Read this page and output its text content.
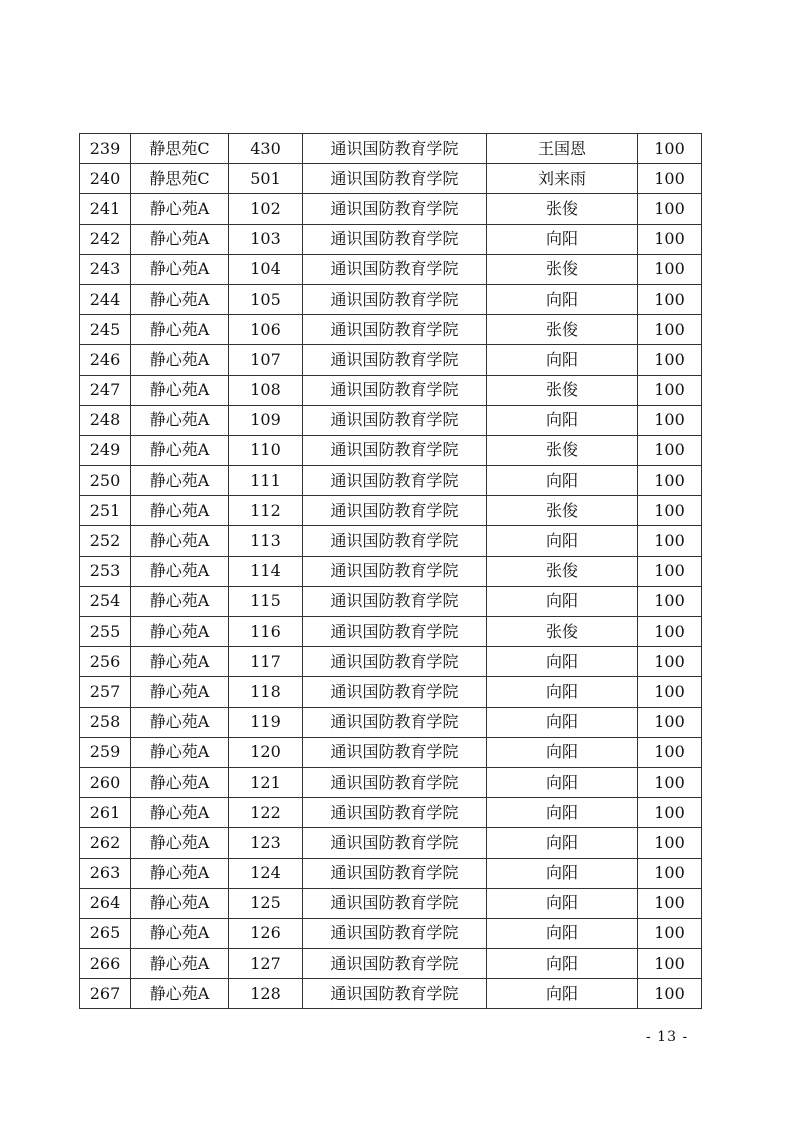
239	静思苑C	430	通识国防教育学院	王国恩	100
240	静思苑C	501	通识国防教育学院	刘来雨	100
241	静心苑A	102	通识国防教育学院	张俊	100
242	静心苑A	103	通识国防教育学院	向阳	100
243	静心苑A	104	通识国防教育学院	张俊	100
244	静心苑A	105	通识国防教育学院	向阳	100
245	静心苑A	106	通识国防教育学院	张俊	100
246	静心苑A	107	通识国防教育学院	向阳	100
247	静心苑A	108	通识国防教育学院	张俊	100
248	静心苑A	109	通识国防教育学院	向阳	100
249	静心苑A	110	通识国防教育学院	张俊	100
250	静心苑A	111	通识国防教育学院	向阳	100
251	静心苑A	112	通识国防教育学院	张俊	100
252	静心苑A	113	通识国防教育学院	向阳	100
253	静心苑A	114	通识国防教育学院	张俊	100
254	静心苑A	115	通识国防教育学院	向阳	100
255	静心苑A	116	通识国防教育学院	张俊	100
256	静心苑A	117	通识国防教育学院	向阳	100
257	静心苑A	118	通识国防教育学院	向阳	100
258	静心苑A	119	通识国防教育学院	向阳	100
259	静心苑A	120	通识国防教育学院	向阳	100
260	静心苑A	121	通识国防教育学院	向阳	100
261	静心苑A	122	通识国防教育学院	向阳	100
262	静心苑A	123	通识国防教育学院	向阳	100
263	静心苑A	124	通识国防教育学院	向阳	100
264	静心苑A	125	通识国防教育学院	向阳	100
265	静心苑A	126	通识国防教育学院	向阳	100
266	静心苑A	127	通识国防教育学院	向阳	100
267	静心苑A	128	通识国防教育学院	向阳	100
- 13 -
